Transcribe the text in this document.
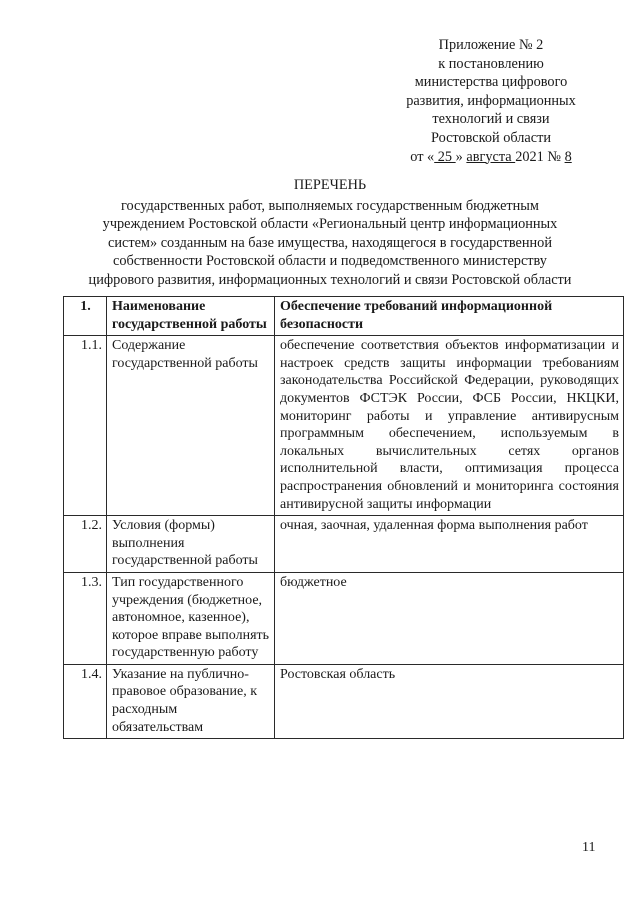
Приложение № 2
к постановлению
министерства цифрового
развития, информационных
технологий и связи
Ростовской области
от « 25 » августа 2021 № 8
ПЕРЕЧЕНЬ
государственных работ, выполняемых государственным бюджетным
учреждением Ростовской области «Региональный центр информационных
систем» созданным на базе имущества, находящегося в государственной
собственности Ростовской области и подведомственного министерству
цифрового развития, информационных технологий и связи Ростовской области
1.	Наименование государственной работы	Обеспечение требований информационной безопасности
1.1.	Содержание государственной работы	обеспечение соответствия объектов информатизации и настроек средств защиты информации требованиям законодательства Российской Федерации, руководящих документов ФСТЭК России, ФСБ России, НКЦКИ, мониторинг работы и управление антивирусным программным обеспечением, используемым в локальных вычислительных сетях органов исполнительной власти, оптимизация процесса распространения обновлений и мониторинга состояния антивирусной защиты информации
1.2.	Условия (формы) выполнения государственной работы	очная, заочная, удаленная форма выполнения работ
1.3.	Тип государственного учреждения (бюджетное, автономное, казенное), которое вправе выполнять государственную работу	бюджетное
1.4.	Указание на публично-правовое образование, к расходным обязательствам	Ростовская область
11
